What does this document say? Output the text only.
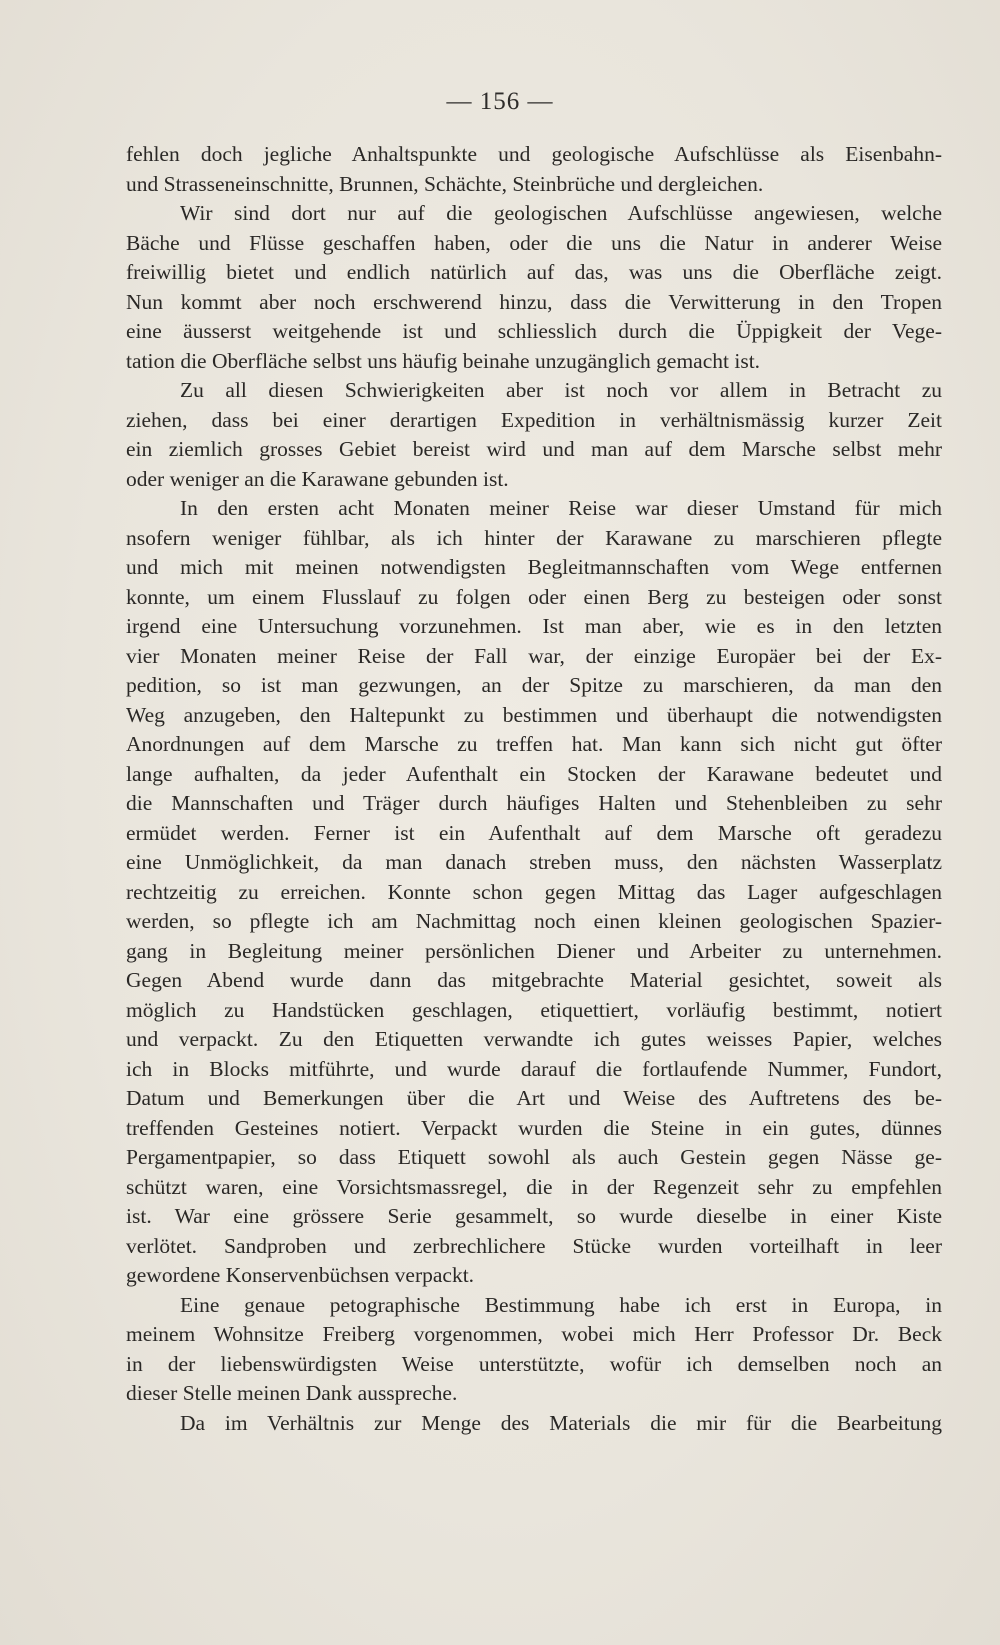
— 156 —
fehlen doch jegliche Anhaltspunkte und geologische Aufschlüsse als Eisenbahn-
und Strasseneinschnitte, Brunnen, Schächte, Steinbrüche und dergleichen.
Wir sind dort nur auf die geologischen Aufschlüsse angewiesen, welche
Bäche und Flüsse geschaffen haben, oder die uns die Natur in anderer Weise
freiwillig bietet und endlich natürlich auf das, was uns die Oberfläche zeigt.
Nun kommt aber noch erschwerend hinzu, dass die Verwitterung in den Tropen
eine äusserst weitgehende ist und schliesslich durch die Üppigkeit der Vege-
tation die Oberfläche selbst uns häufig beinahe unzugänglich gemacht ist.
Zu all diesen Schwierigkeiten aber ist noch vor allem in Betracht zu
ziehen, dass bei einer derartigen Expedition in verhältnismässig kurzer Zeit
ein ziemlich grosses Gebiet bereist wird und man auf dem Marsche selbst mehr
oder weniger an die Karawane gebunden ist.
In den ersten acht Monaten meiner Reise war dieser Umstand für mich
nsofern weniger fühlbar, als ich hinter der Karawane zu marschieren pflegte
und mich mit meinen notwendigsten Begleitmannschaften vom Wege entfernen
konnte, um einem Flusslauf zu folgen oder einen Berg zu besteigen oder sonst
irgend eine Untersuchung vorzunehmen. Ist man aber, wie es in den letzten
vier Monaten meiner Reise der Fall war, der einzige Europäer bei der Ex-
pedition, so ist man gezwungen, an der Spitze zu marschieren, da man den
Weg anzugeben, den Haltepunkt zu bestimmen und überhaupt die notwendigsten
Anordnungen auf dem Marsche zu treffen hat. Man kann sich nicht gut öfter
lange aufhalten, da jeder Aufenthalt ein Stocken der Karawane bedeutet und
die Mannschaften und Träger durch häufiges Halten und Stehenbleiben zu sehr
ermüdet werden. Ferner ist ein Aufenthalt auf dem Marsche oft geradezu
eine Unmöglichkeit, da man danach streben muss, den nächsten Wasserplatz
rechtzeitig zu erreichen. Konnte schon gegen Mittag das Lager aufgeschlagen
werden, so pflegte ich am Nachmittag noch einen kleinen geologischen Spazier-
gang in Begleitung meiner persönlichen Diener und Arbeiter zu unternehmen.
Gegen Abend wurde dann das mitgebrachte Material gesichtet, soweit als
möglich zu Handstücken geschlagen, etiquettiert, vorläufig bestimmt, notiert
und verpackt. Zu den Etiquetten verwandte ich gutes weisses Papier, welches
ich in Blocks mitführte, und wurde darauf die fortlaufende Nummer, Fundort,
Datum und Bemerkungen über die Art und Weise des Auftretens des be-
treffenden Gesteines notiert. Verpackt wurden die Steine in ein gutes, dünnes
Pergamentpapier, so dass Etiquett sowohl als auch Gestein gegen Nässe ge-
schützt waren, eine Vorsichtsmassregel, die in der Regenzeit sehr zu empfehlen
ist. War eine grössere Serie gesammelt, so wurde dieselbe in einer Kiste
verlötet. Sandproben und zerbrechlichere Stücke wurden vorteilhaft in leer
gewordene Konservenbüchsen verpackt.
Eine genaue petographische Bestimmung habe ich erst in Europa, in
meinem Wohnsitze Freiberg vorgenommen, wobei mich Herr Professor Dr. Beck
in der liebenswürdigsten Weise unterstützte, wofür ich demselben noch an
dieser Stelle meinen Dank ausspreche.
Da im Verhältnis zur Menge des Materials die mir für die Bearbeitung
